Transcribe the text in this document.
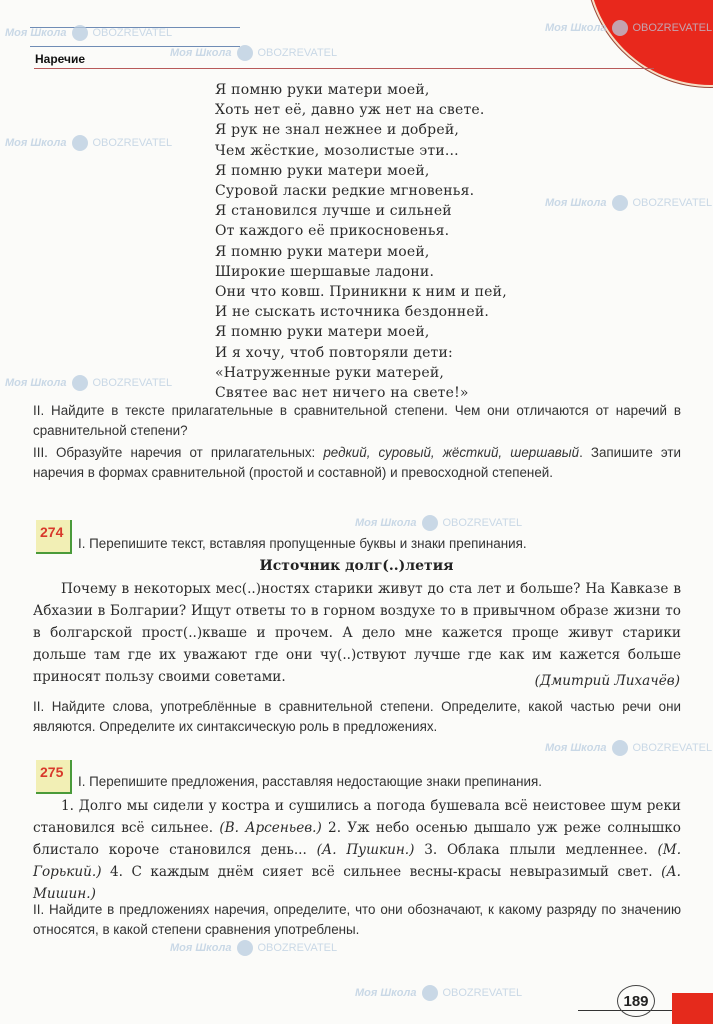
Наречие
Моя Школа OBOZREVATEL
Моя Школа OBOZREVATEL
Моя Школа OBOZREVATEL
Моя Школа OBOZREVATEL
Моя Школа OBOZREVATEL
Моя Школа OBOZREVATEL
Моя Школа OBOZREVATEL
Моя Школа OBOZREVATEL
Моя Школа OBOZREVATEL
Моя Школа OBOZREVATEL
Я помню руки матери моей,
Хоть нет её, давно уж нет на свете.
Я рук не знал нежнее и добрей,
Чем жёсткие, мозолистые эти...
Я помню руки матери моей,
Суровой ласки редкие мгновенья.
Я становился лучше и сильней
От каждого её прикосновенья.
Я помню руки матери моей,
Широкие шершавые ладони.
Они что ковш. Приникни к ним и пей,
И не сыскать источника бездонней.
Я помню руки матери моей,
И я хочу, чтоб повторяли дети:
«Натруженные руки матерей,
Святее вас нет ничего на свете!»
II. Найдите в тексте прилагательные в сравнительной степени. Чем они отличаются от наречий в сравнительной степени?
III. Образуйте наречия от прилагательных: редкий, суровый, жёсткий, шершавый. Запишите эти наречия в формах сравнительной (простой и составной) и превосходной степеней.
274
I. Перепишите текст, вставляя пропущенные буквы и знаки препинания.
Источник долг(..)летия
Почему в некоторых мес(..)ностях старики живут до ста лет и больше? На Кавказе в Абхазии в Болгарии? Ищут ответы то в горном воздухе то в привычном образе жизни то в болгарской прост(..)кваше и прочем. А дело мне кажется проще живут старики дольше там где их уважают где они чу(..)ствуют лучше где как им кажется больше приносят пользу своими советами.	(Дмитрий Лихачёв)
II. Найдите слова, употреблённые в сравнительной степени. Определите, какой частью речи они являются. Определите их синтаксическую роль в предложениях.
275
I. Перепишите предложения, расставляя недостающие знаки препинания.
1. Долго мы сидели у костра и сушились а погода бушевала всё неистовее шум реки становился всё сильнее. (В. Арсеньев.) 2. Уж небо осенью дышало уж реже солнышко блистало короче становился день... (А. Пушкин.) 3. Облака плыли медленнее. (М. Горький.) 4. С каждым днём сияет всё сильнее весны-красы невыразимый свет. (А. Мишин.)
II. Найдите в предложениях наречия, определите, что они обозначают, к какому разряду по значению относятся, в какой степени сравнения употреблены.
189
